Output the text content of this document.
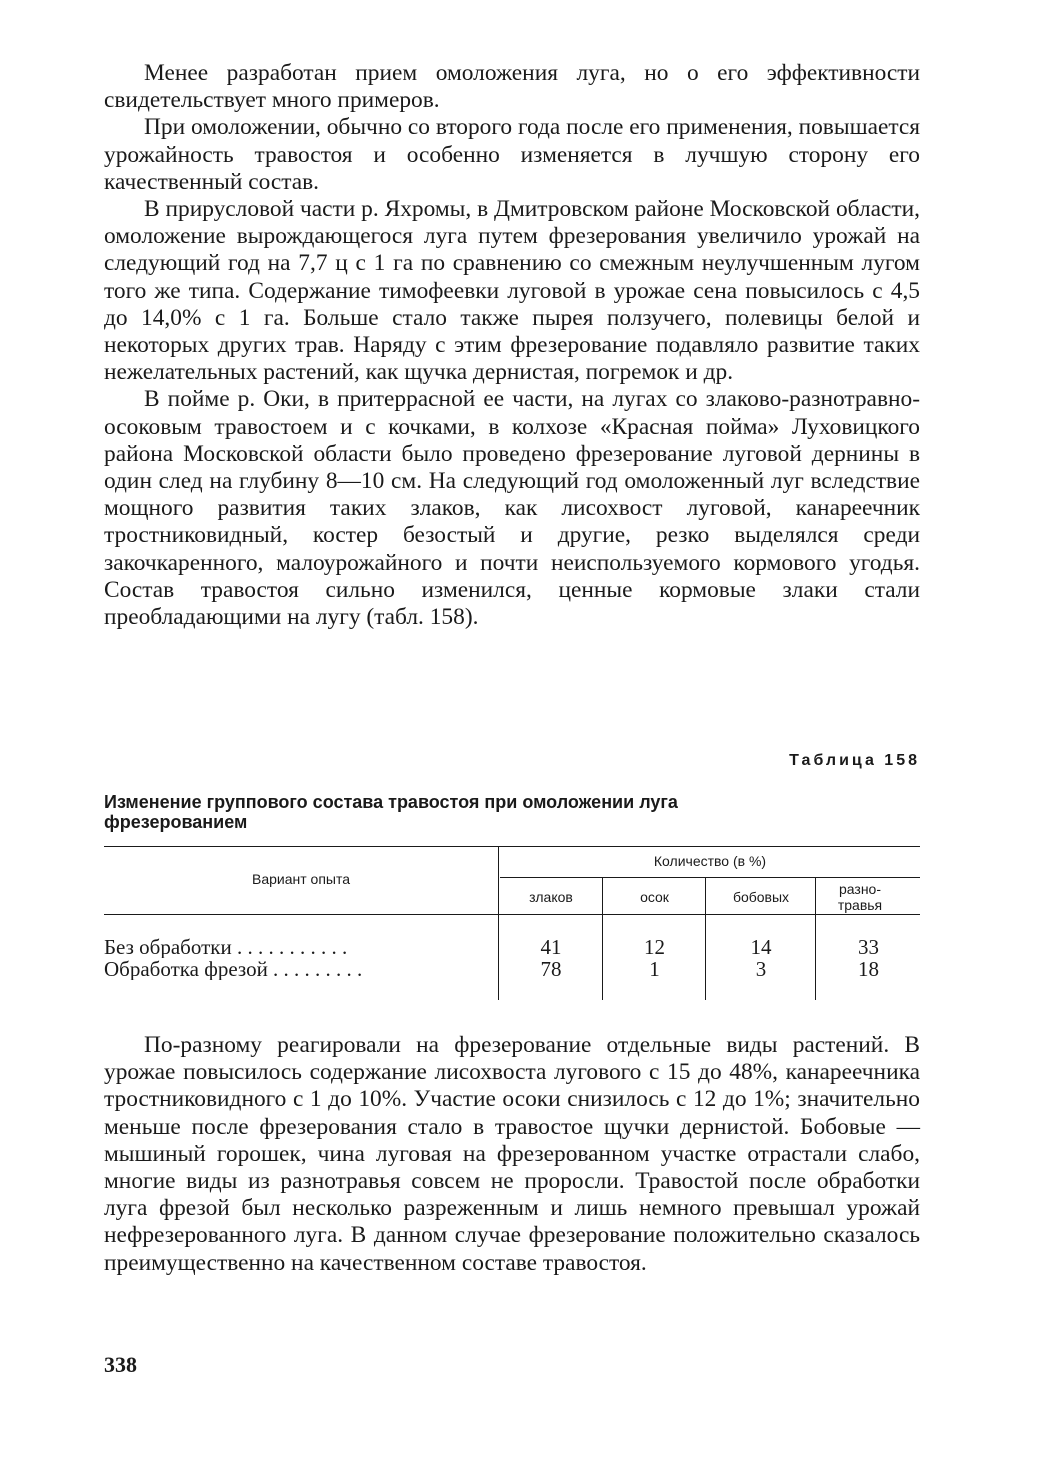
Менее разработан прием омоложения луга, но о его эффективности свидетельствует много примеров.

При омоложении, обычно со второго года после его применения, повышается урожайность травостоя и особенно изменяется в лучшую сторону его качественный состав.

В прирусловой части р. Яхромы, в Дмитровском районе Московской области, омоложение вырождающегося луга путем фрезерования увеличило урожай на следующий год на 7,7 ц с 1 га по сравнению со смежным неулучшенным лугом того же типа. Содержание тимофеевки луговой в урожае сена повысилось с 4,5 до 14,0% с 1 га. Больше стало также пырея ползучего, полевицы белой и некоторых других трав. Наряду с этим фрезерование подавляло развитие таких нежелательных растений, как щучка дернистая, погремок и др.

В пойме р. Оки, в притеррасной ее части, на лугах со злаково-разнотравно-осоковым травостоем и с кочками, в колхозе «Красная пойма» Луховицкого района Московской области было проведено фрезерование луговой дернины в один след на глубину 8—10 см. На следующий год омоложенный луг вследствие мощного развития таких злаков, как лисохвост луговой, канареечник тростниковидный, костер безостый и другие, резко выделялся среди закочкаренного, малоурожайного и почти неиспользуемого кормового угодья. Состав травостоя сильно изменился, ценные кормовые злаки стали преобладающими на лугу (табл. 158).

Таблица 158
Изменение группового состава травостоя при омоложении луга фрезерованием
Вариант опыта
Количество (в %)
злаков	осок	бобовых	разно-травья
Без обработки . . . . . . . . . . .	41	12	14	33
Обработка фрезой . . . . . . . . .	78	1	3	18

По-разному реагировали на фрезерование отдельные виды растений. В урожае повысилось содержание лисохвоста лугового с 15 до 48%, канареечника тростниковидного с 1 до 10%. Участие осоки снизилось с 12 до 1%; значительно меньше после фрезерования стало в травостое щучки дернистой. Бобовые — мышиный горошек, чина луговая на фрезерованном участке отрастали слабо, многие виды из разнотравья совсем не проросли. Травостой после обработки луга фрезой был несколько разреженным и лишь немного превышал урожай нефрезерованного луга. В данном случае фрезерование положительно сказалось преимущественно на качественном составе травостоя.

338
